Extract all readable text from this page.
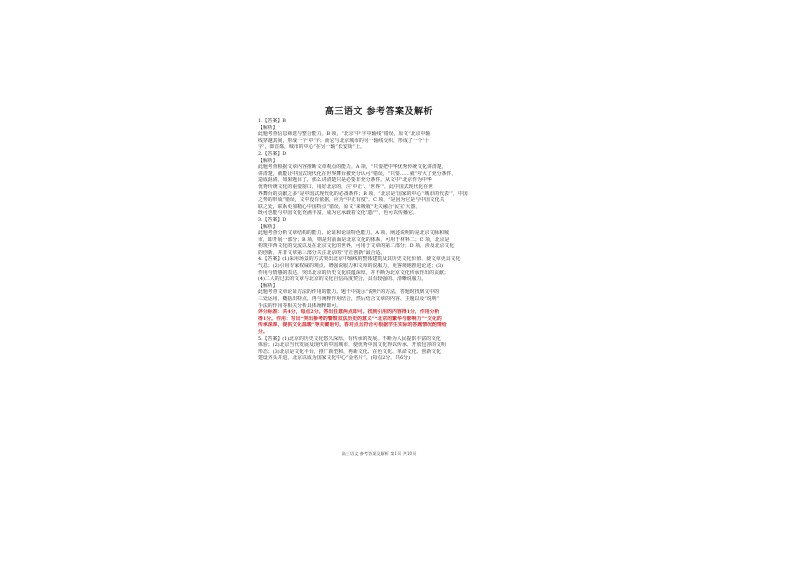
高三语文 参考答案及解析
1.【答案】B
【解析】
此题考查信息筛选与整合能力。B 项，“北京‘中’字中轴线”错误，原文“北京中轴
线穿越其间，形成一个‘中’字；而它与北京城市的另一轴线交织，形成了一个‘十
字’，即首都，城市的中心”在另一轴“长安街”上。
2.【答案】D
【解析】
此题考查根据文章内容推断文章观点的能力。A 项，“只要把中华优秀传统文化讲清楚，
讲清楚，就能让中国式现代化在世界舞台被充分认可”错误，“只要……就”夸大了充分条件，
造成混淆，如果题目了，那么讲清楚只是必要非充分条件。从文中“北京作为中华
优秀传统文化的重要窗口，用好北京的，注‘中正’、‘世界’”，此中国式现代化在世
界舞台的贡献之多”是中国式现代化的必备条件；B 项，“北京是‘国家的中心’‘城市的代表’”，中国
之势的形成”错误，文中没有依据，应为“中正有度”。C 项，“是因为它是与中国文化关
联之处，联系更加精心中国特点”错误，原文“来吸收”无关融合‘民宝’大器，
既可也能与中国文化充满丰富，成为它承载着文化‘遗产’，也可以传播它。
3.【答案】D
【解析】
此题考查分析文章结构的能力、论证和论证特色能力。A 项，阐述说明的是北京文脉和城
市，即开展一部分；B 项，则是对前面是北京文化的体系，可用于材料二；C 项，北京是
构筑中西文化的交流以及在北京文化的世界，可用于文章的第二部分；D 项，涉及北京文化
的创新，并非文章第三部分关注北京的“守正创新”最合适。
4.【答案】(1)采用场景的方式突出北京中轴线的整体建筑及其历史文化价值，使文章更具文化
气息；(2)引用专家权威的观点，增强说服力和文章的说服力，更客观地推进论述；(3)
作用与情感的表达，突出北京的历史文化底蕴深厚，并不断为北京文化传承作出的贡献；
(4)二人的过去的文章与北京的文化自信高度契合，具有较强的、清晰说服力。
【解析】
此题考查文章论证方法的作用的能力。题干中提示“说明”的方法，答题时找到文中的
三处运用，概括出特点，再与阐释作用结合，然后结合文章的内容、主题以及“说明”
手法的作用等相关分析具体阐释即可。
评分标准：共4分，每点2分。答出任意两点即可。找到引用的内容得1分，作用分析
得1分。作用：写出“突出参考的警察双法历史的意义”“北京的繁华与影响力”“文化的
传承深厚，提供文化温暖”等关键语句。答对点且符合可根据学生实际的答题情况酌情给
分。
5.【答案】(1)北京的历史文化悠久深厚，有传承的发展，不断为人民提供丰富的文化
体验；(2)北京当代发展及现代的中国城市，使优秀中国文化得以传承，开放包容的文明
形态；(3)北京是文化平台，推广新型和，再新文化、在色文化、革命文化、创新文化
建设齐头并进，北京以成为国家文化中心“金名片”。(每点2分，共6分)
高三语文 参考答案及解析 第1页 共10页
